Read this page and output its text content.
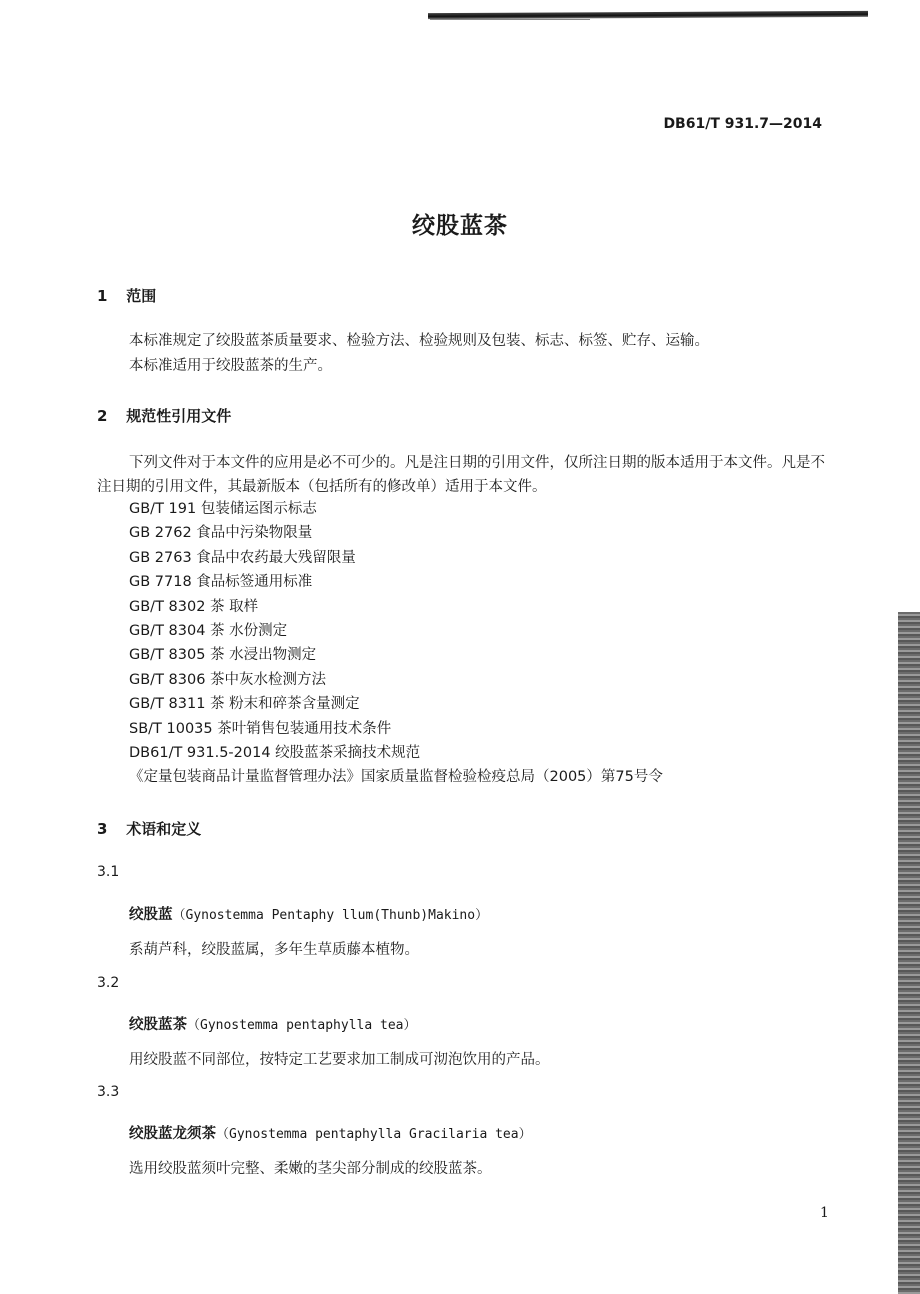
DB61/T 931.7—2014
绞股蓝茶
1 范围
本标准规定了绞股蓝茶质量要求、检验方法、检验规则及包装、标志、标签、贮存、运输。
本标准适用于绞股蓝茶的生产。
2 规范性引用文件
下列文件对于本文件的应用是必不可少的。凡是注日期的引用文件，仅所注日期的版本适用于本文件。凡是不注日期的引用文件，其最新版本（包括所有的修改单）适用于本文件。
GB/T 191 包装储运图示标志
GB 2762 食品中污染物限量
GB 2763 食品中农药最大残留限量
GB 7718 食品标签通用标准
GB/T 8302 茶 取样
GB/T 8304 茶 水份测定
GB/T 8305 茶 水浸出物测定
GB/T 8306 茶中灰水检测方法
GB/T 8311 茶 粉末和碎茶含量测定
SB/T 10035 茶叶销售包装通用技术条件
DB61/T 931.5-2014 绞股蓝茶采摘技术规范
《定量包装商品计量监督管理办法》国家质量监督检验检疫总局（2005）第75号令
3 术语和定义
3.1
绞股蓝（Gynostemma Pentaphy llum(Thunb)Makino）
系葫芦科，绞股蓝属，多年生草质藤本植物。
3.2
绞股蓝茶（Gynostemma pentaphylla tea）
用绞股蓝不同部位，按特定工艺要求加工制成可沏泡饮用的产品。
3.3
绞股蓝龙须茶（Gynostemma pentaphylla Gracilaria tea）
选用绞股蓝须叶完整、柔嫩的茎尖部分制成的绞股蓝茶。
1
